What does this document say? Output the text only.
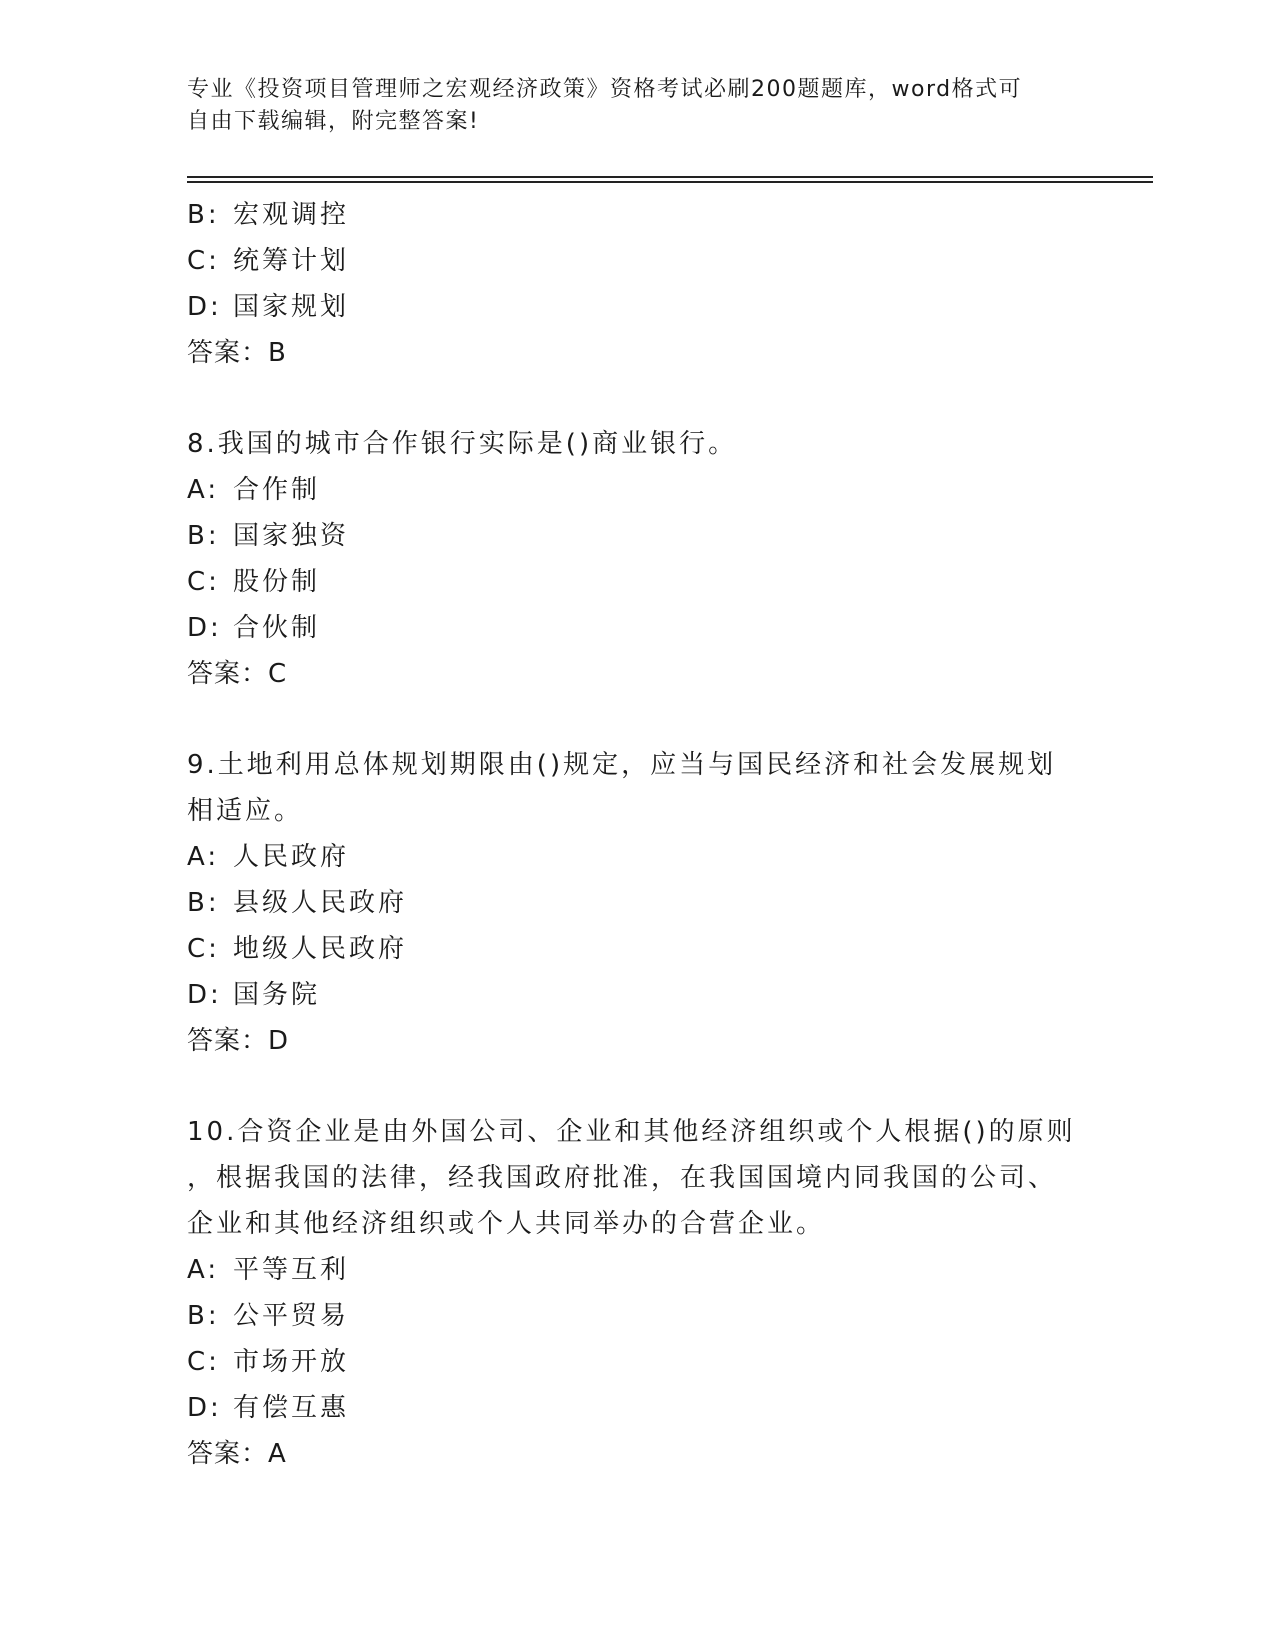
专业《投资项目管理师之宏观经济政策》资格考试必刷200题题库，word格式可
自由下载编辑，附完整答案!
B: 宏观调控
C: 统筹计划
D: 国家规划
答案：B
8.我国的城市合作银行实际是()商业银行。
A: 合作制
B: 国家独资
C: 股份制
D: 合伙制
答案：C
9.土地利用总体规划期限由()规定，应当与国民经济和社会发展规划
相适应。
A: 人民政府
B: 县级人民政府
C: 地级人民政府
D: 国务院
答案：D
10.合资企业是由外国公司、企业和其他经济组织或个人根据()的原则
，根据我国的法律，经我国政府批准，在我国国境内同我国的公司、
企业和其他经济组织或个人共同举办的合营企业。
A: 平等互利
B: 公平贸易
C: 市场开放
D: 有偿互惠
答案：A
